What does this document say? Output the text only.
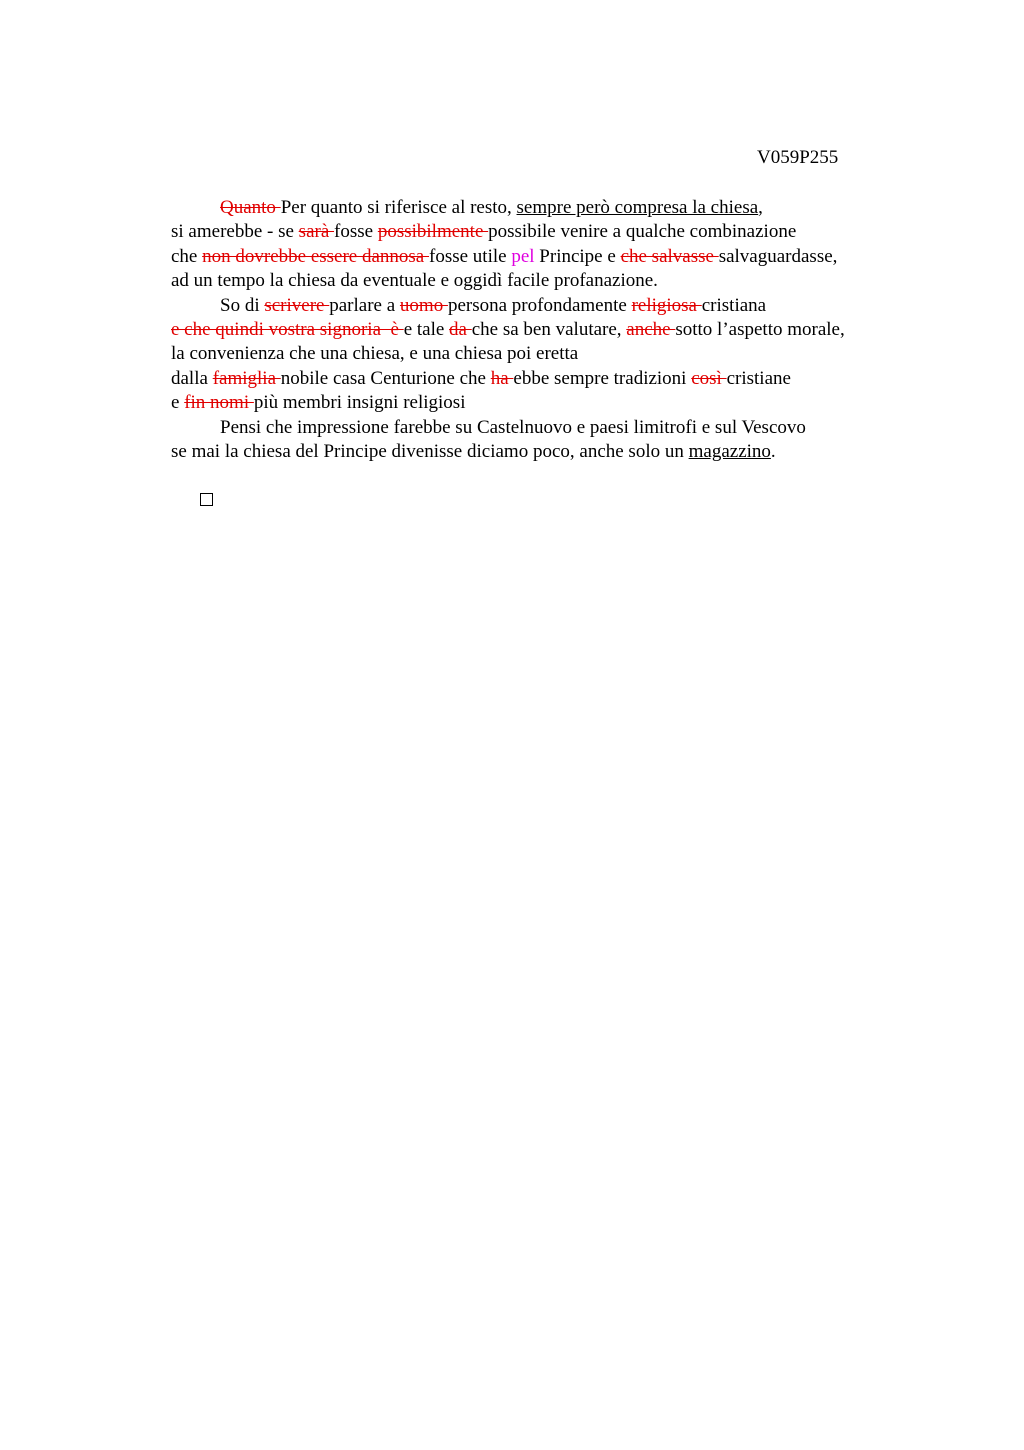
V059P255
Quanto Per quanto si riferisce al resto, sempre però compresa la chiesa,
si amerebbe - se sarà fosse possibilmente possibile venire a qualche combinazione
che non dovrebbe essere dannosa fosse utile pel Principe e che salvasse salvaguardasse,
ad un tempo la chiesa da eventuale e oggidì facile profanazione.
So di scrivere parlare a uomo persona profondamente religiosa cristiana
e che quindi vostra signoria  è e tale da che sa ben valutare, anche sotto l’aspetto morale,
la convenienza che una chiesa, e una chiesa poi eretta
dalla famiglia nobile casa Centurione che ha ebbe sempre tradizioni così cristiane
e fin nomi più membri insigni religiosi
Pensi che impressione farebbe su Castelnuovo e paesi limitrofi e sul Vescovo
se mai la chiesa del Principe divenisse diciamo poco, anche solo un magazzino.
